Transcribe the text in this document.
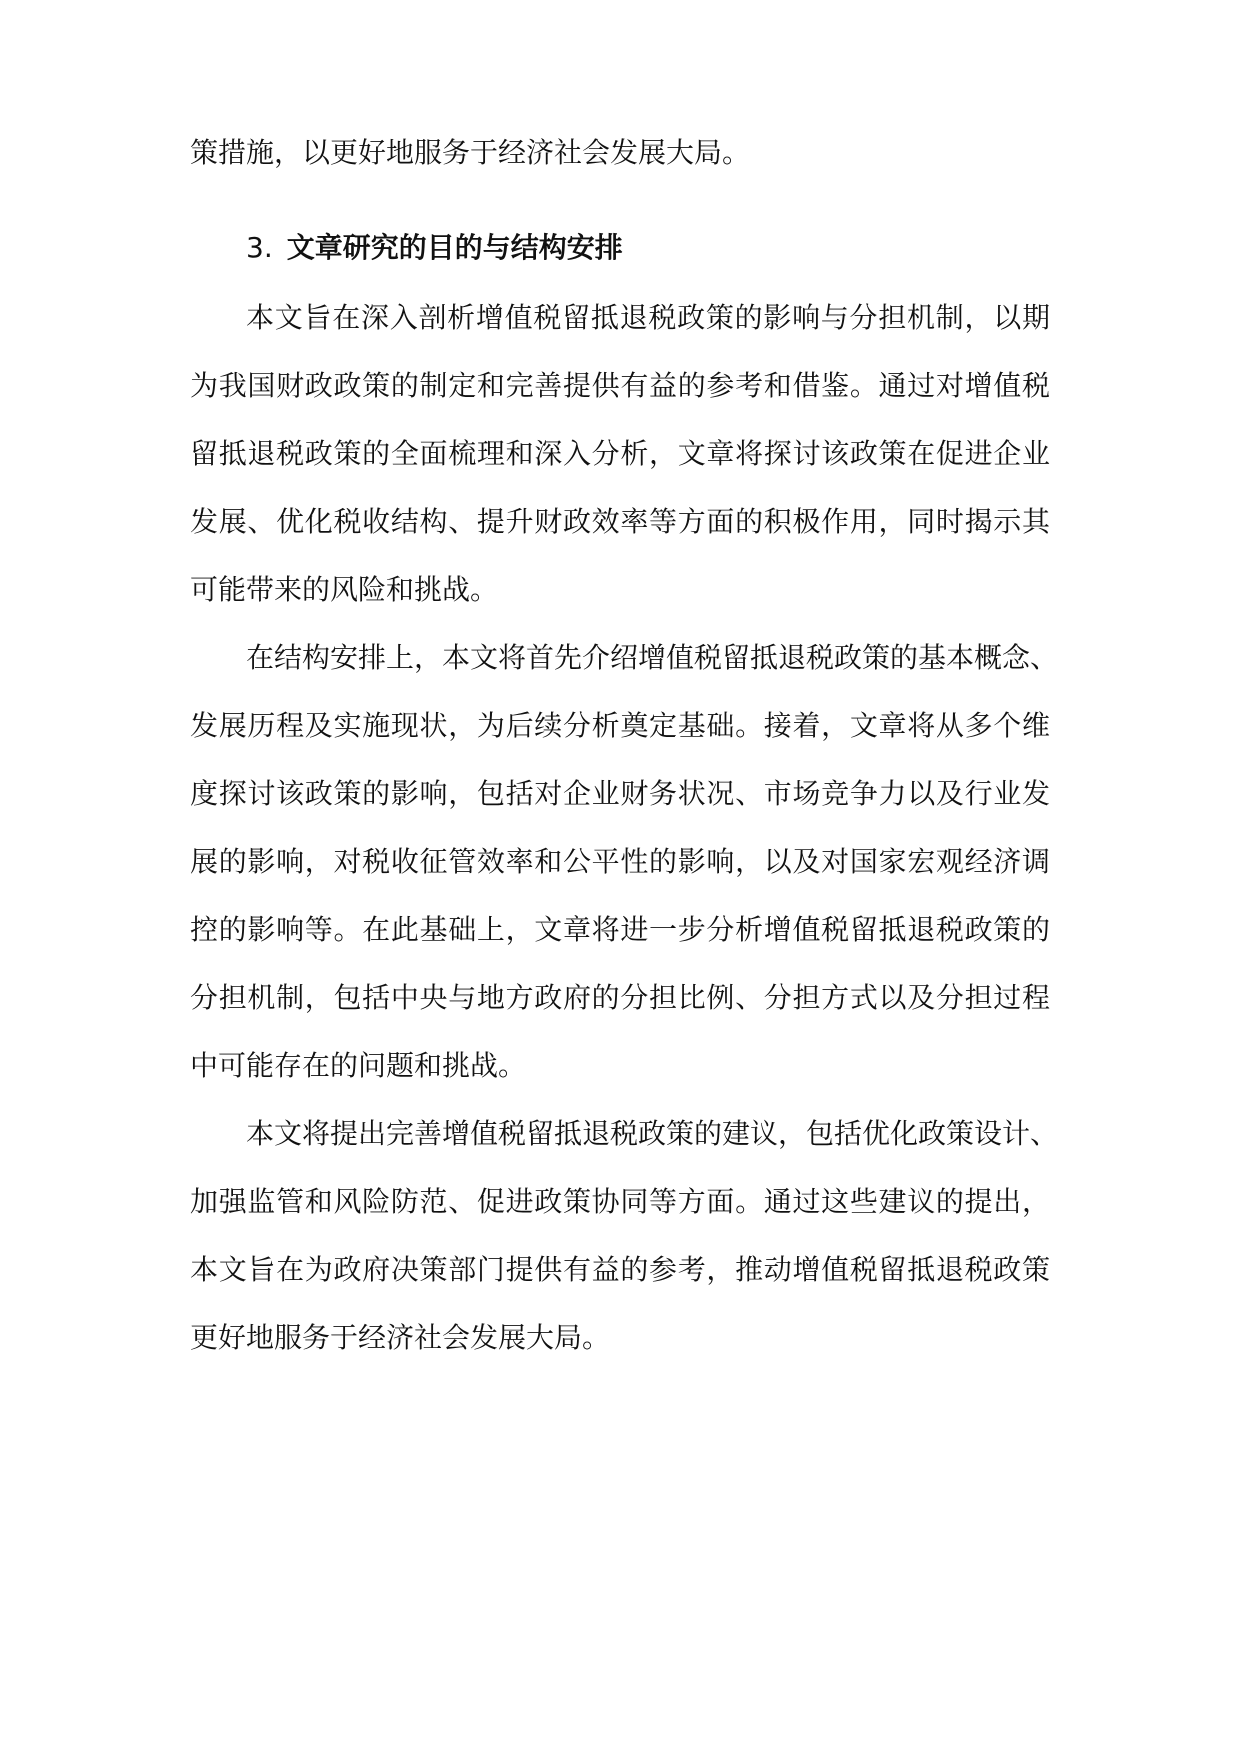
策措施，以更好地服务于经济社会发展大局。
3. 文章研究的目的与结构安排
本文旨在深入剖析增值税留抵退税政策的影响与分担机制，以期
为我国财政政策的制定和完善提供有益的参考和借鉴。通过对增值税
留抵退税政策的全面梳理和深入分析，文章将探讨该政策在促进企业
发展、优化税收结构、提升财政效率等方面的积极作用，同时揭示其
可能带来的风险和挑战。
在结构安排上，本文将首先介绍增值税留抵退税政策的基本概念、
发展历程及实施现状，为后续分析奠定基础。接着，文章将从多个维
度探讨该政策的影响，包括对企业财务状况、市场竞争力以及行业发
展的影响，对税收征管效率和公平性的影响，以及对国家宏观经济调
控的影响等。在此基础上，文章将进一步分析增值税留抵退税政策的
分担机制，包括中央与地方政府的分担比例、分担方式以及分担过程
中可能存在的问题和挑战。
本文将提出完善增值税留抵退税政策的建议，包括优化政策设计、
加强监管和风险防范、促进政策协同等方面。通过这些建议的提出，
本文旨在为政府决策部门提供有益的参考，推动增值税留抵退税政策
更好地服务于经济社会发展大局。
